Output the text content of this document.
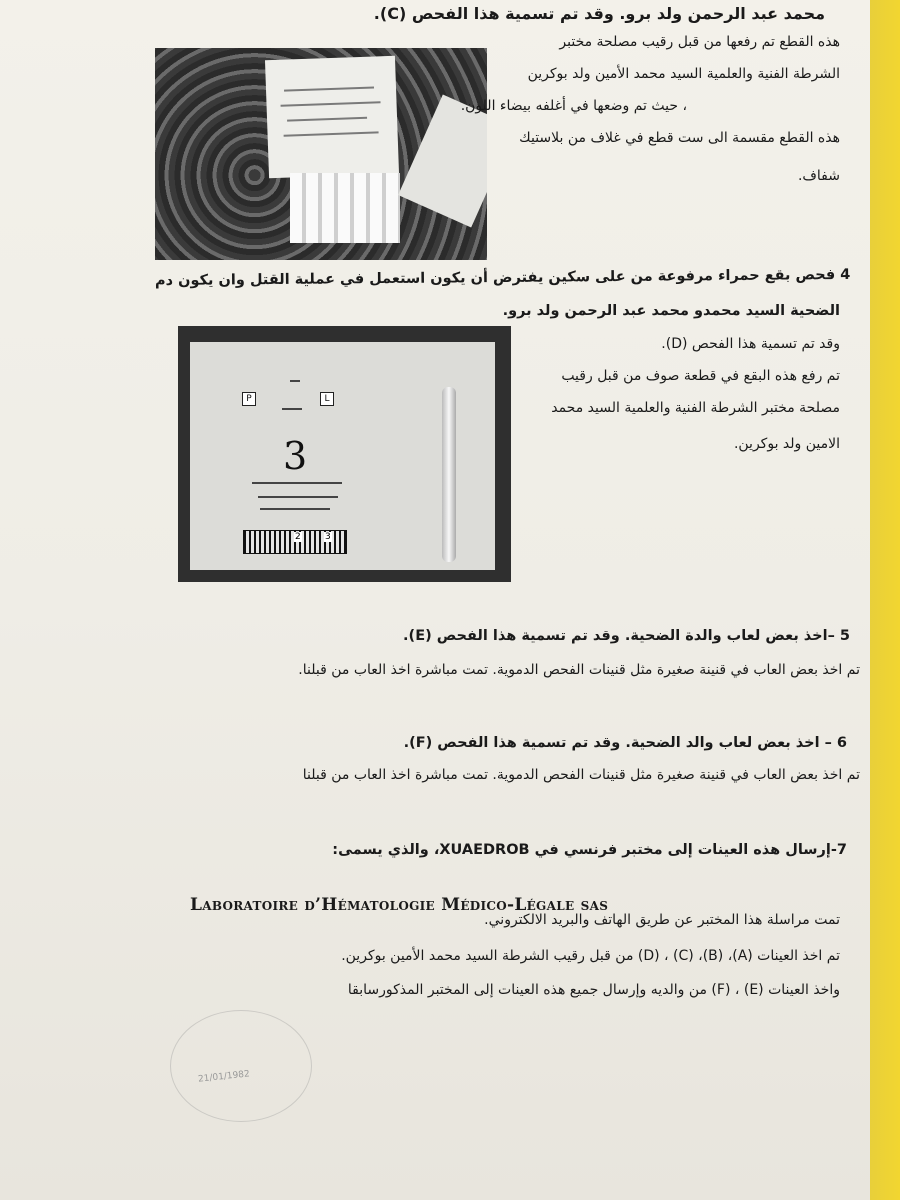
محمد عبد الرحمن ولد برو. وقد تم تسمية هذا الفحص (C).
هذه القطع تم رفعها من قبل رقيب مصلحة مختبر
الشرطة الفنية والعلمية السيد محمد الأمين ولد بوكرين
، حيث تم وضعها في أغلفه بيضاء اللون.
هذه القطع مقسمة الى ست قطع في غلاف من بلاستيك
شفاف.
4 فحص بقع حمراء مرفوعة من على سكين يفترض أن يكون استعمل في عملية القتل وان يكون دم
الضحية السيد محمدو محمد عبد الرحمن ولد برو.
P	L
3
2	3
وقد تم تسمية هذا الفحص (D).
تم رفع هذه البقع في قطعة صوف من قبل رقيب
مصلحة مختبر الشرطة الفنية والعلمية السيد محمد
الامين ولد بوكرين.
5 –اخذ بعض لعاب والدة الضحية. وقد تم تسمية هذا الفحص (E).
تم اخذ بعض العاب في قنينة صغيرة مثل قنينات الفحص الدموية. تمت مباشرة اخذ العاب من قبلنا.
6 – اخذ بعض لعاب والد الضحية. وقد تم تسمية هذا الفحص (F).
تم اخذ بعض العاب في قنينة صغيرة مثل قنينات الفحص الدموية. تمت مباشرة اخذ العاب من قبلنا
7-إرسال هذه العينات إلى مختبر فرنسي في XUAEDROB، والذي يسمى:
Laboratoire d’Hématologie Médico-Légale sas
تمت مراسلة هذا المختبر عن طريق الهاتف والبريد الالكتروني.
تم اخذ العينات (A)، (B)، (C) ، (D) من قبل رقيب الشرطة السيد محمد الأمين بوكرين.
واخذ العينات (E) ، (F) من والديه وإرسال جميع هذه العينات إلى المختبر المذكورسابقا
21/01/1982
